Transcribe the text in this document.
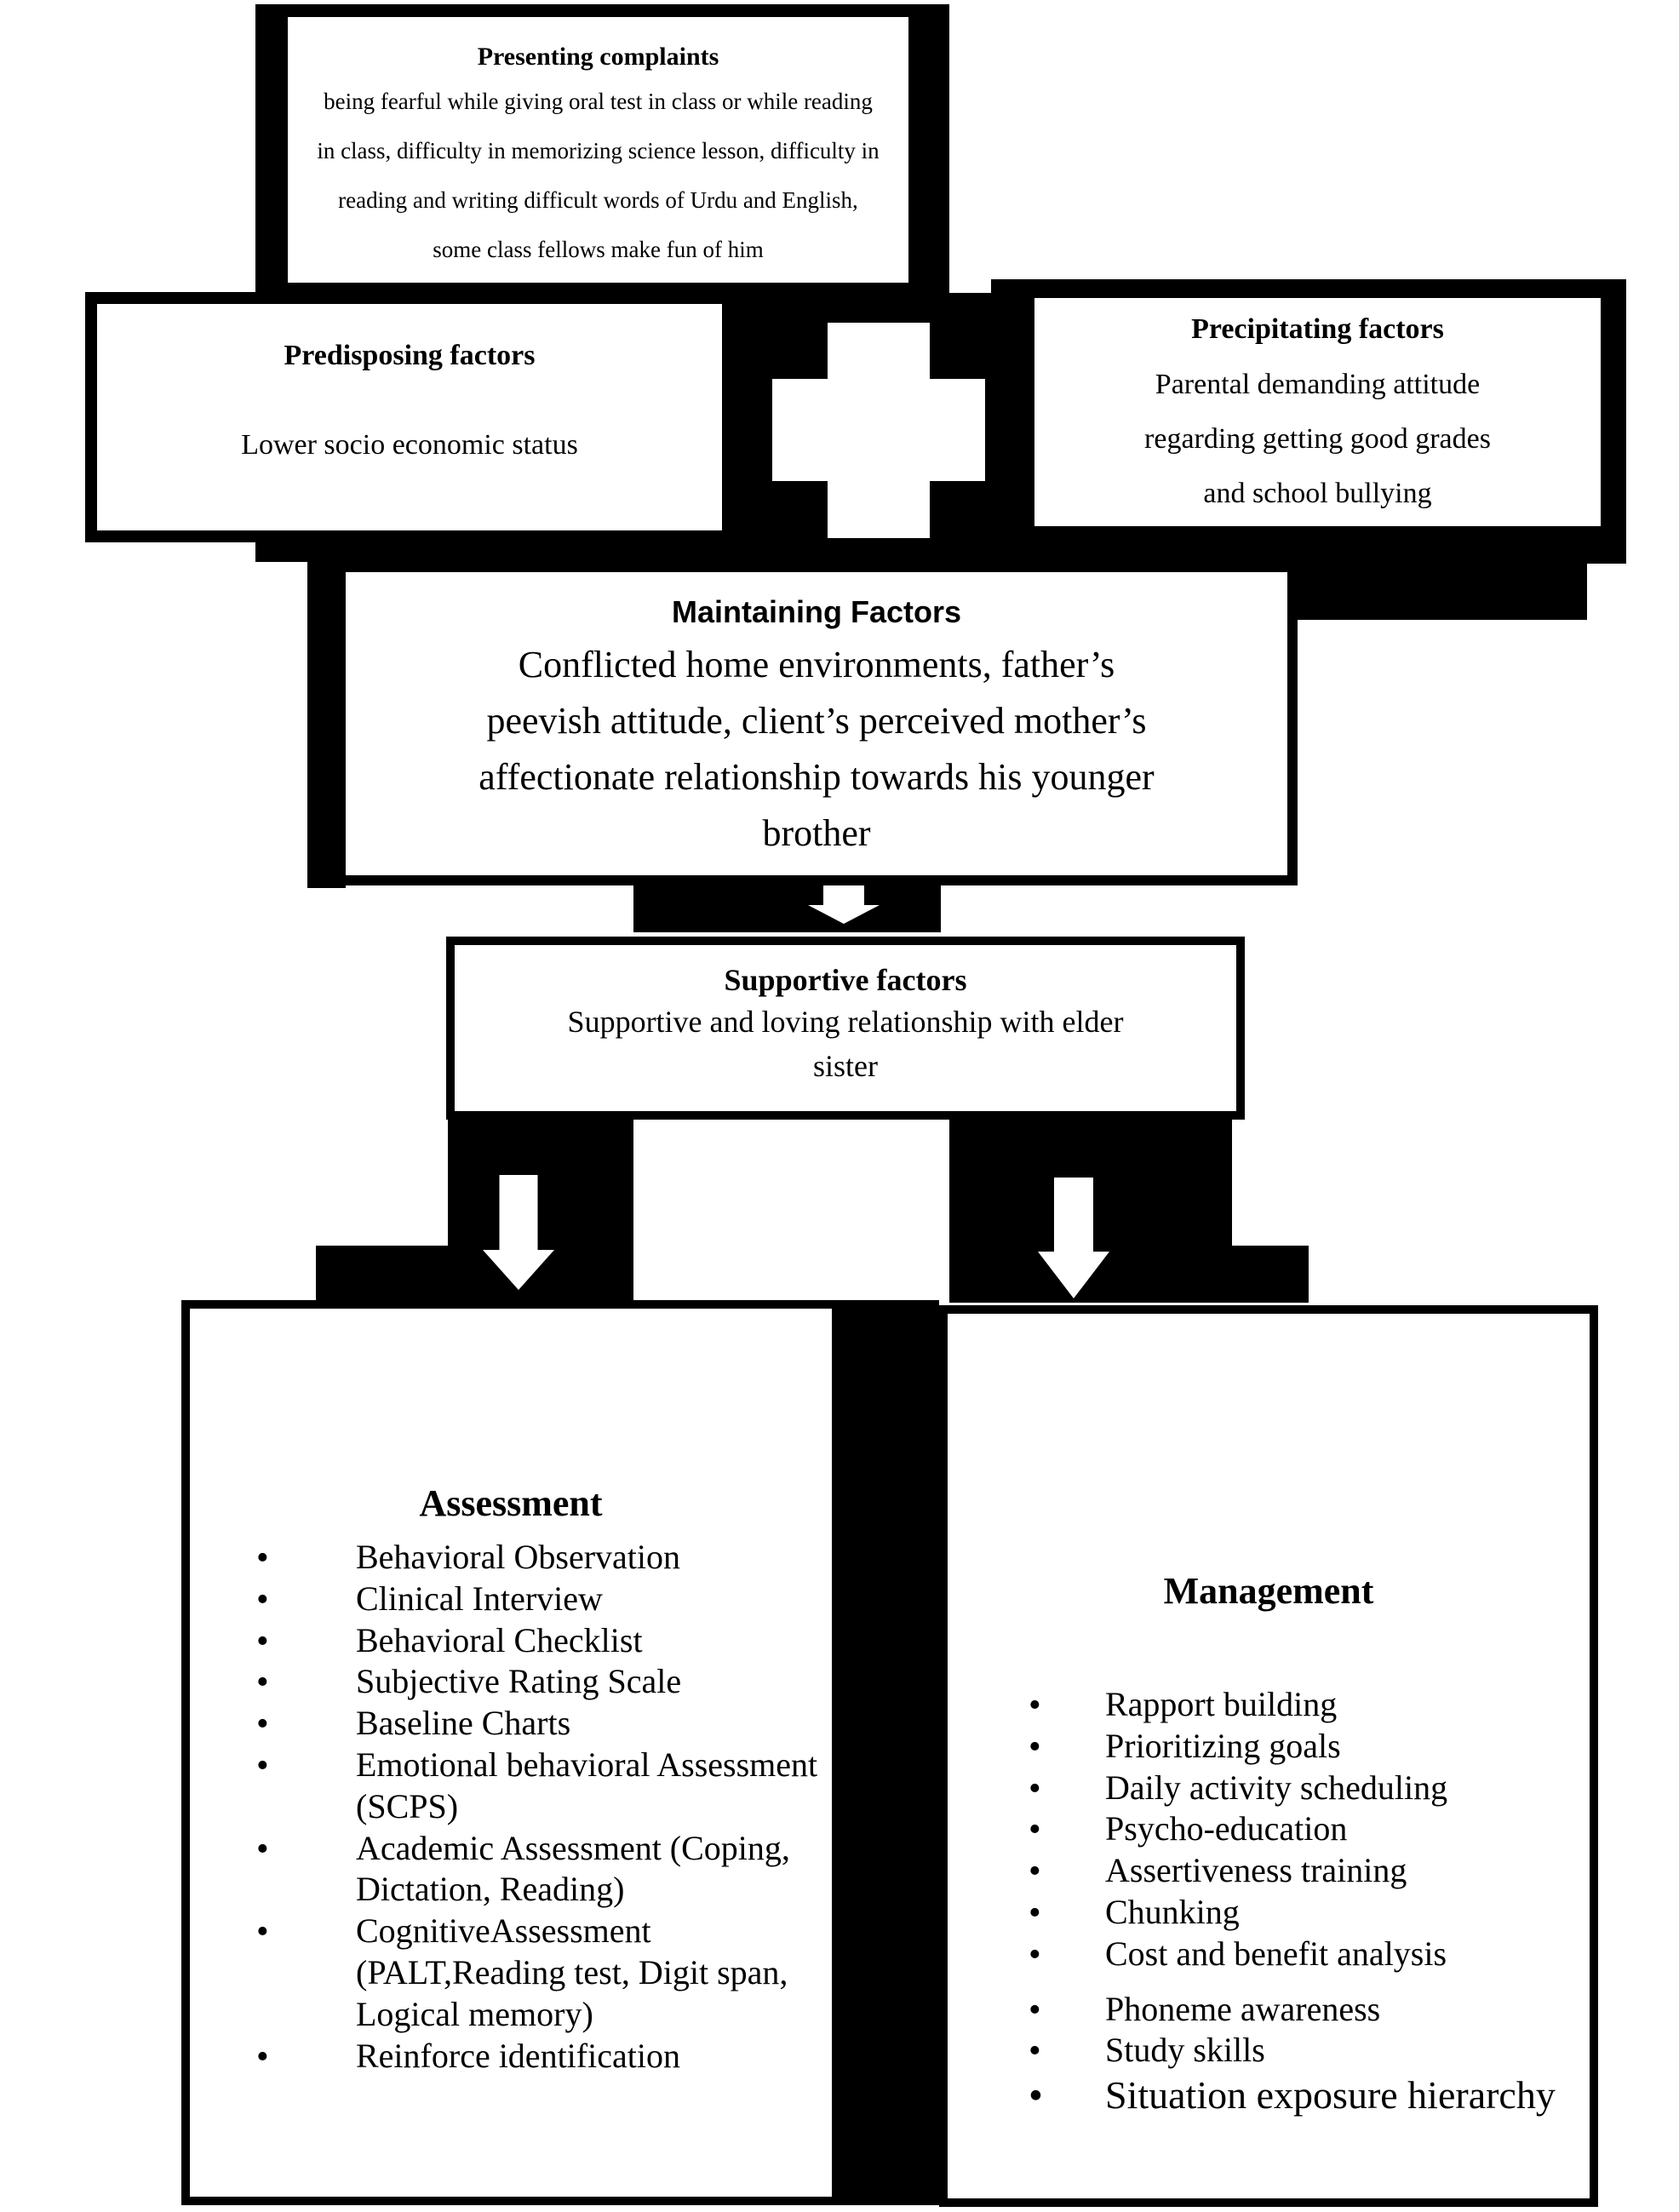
Presenting complaints
being fearful while giving oral test in class or while reading
in class, difficulty in memorizing science lesson, difficulty in
reading and writing difficult words of Urdu and English,
some class fellows make fun of him
Predisposing factors
Lower socio economic status
Precipitating factors
Parental demanding attitude
regarding getting good grades
and school bullying
Maintaining Factors
Conflicted home environments, father’s
peevish attitude, client’s perceived mother’s
affectionate relationship towards his younger
brother
Supportive factors
Supportive and loving relationship with elder
sister
Assessment
• Behavioral Observation
• Clinical Interview
• Behavioral Checklist
• Subjective Rating Scale
• Baseline Charts
• Emotional behavioral Assessment (SCPS)
• Academic Assessment (Coping, Dictation, Reading)
• CognitiveAssessment (PALT,Reading test, Digit span, Logical memory)
• Reinforce identification
Management
• Rapport building
• Prioritizing goals
• Daily activity scheduling
• Psycho-education
• Assertiveness training
• Chunking
• Cost and benefit analysis
• Phoneme awareness
• Study skills
• Situation exposure hierarchy
